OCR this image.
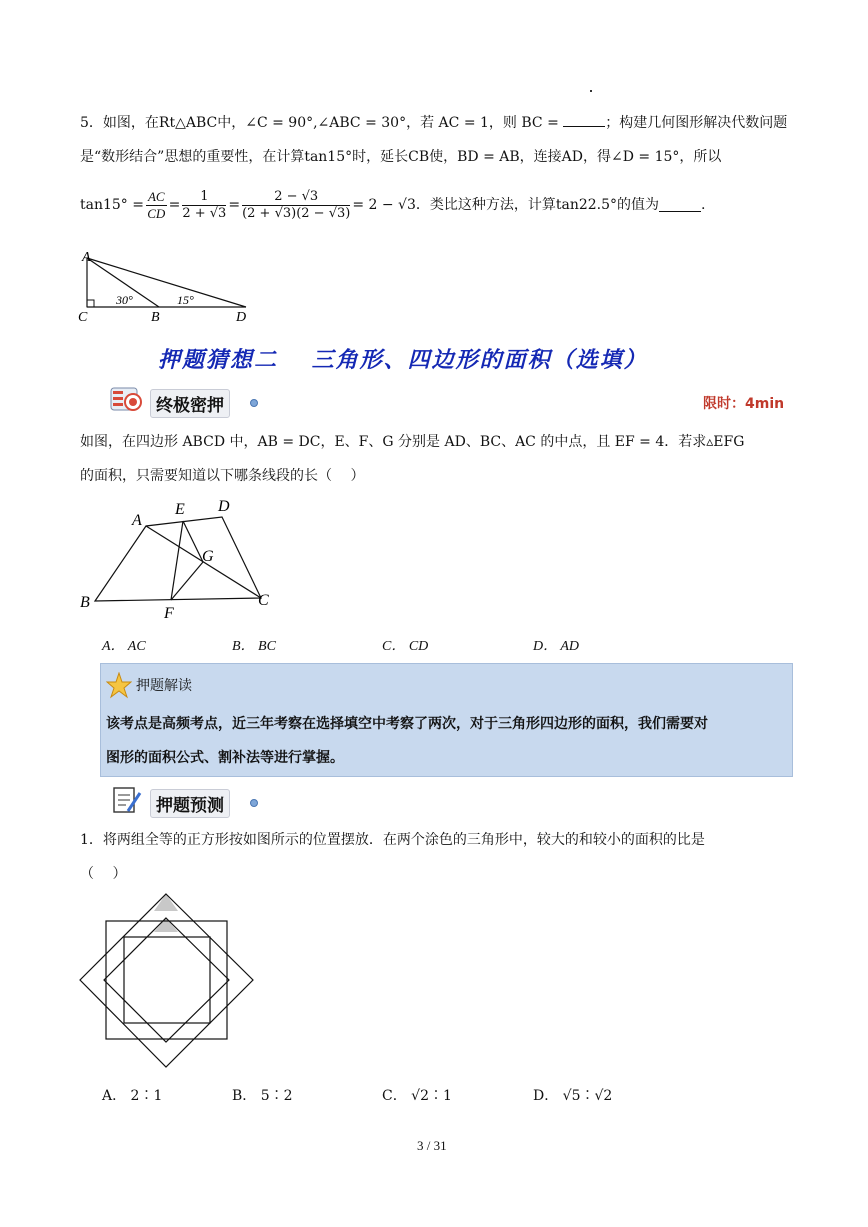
5．如图，在Rt△ABC中，∠C = 90°,∠ABC = 30°，若 AC = 1，则 BC =	；构建几何图形解决代数问题
是“数形结合”思想的重要性，在计算tan15°时，延长CB使，BD = AB，连接AD，得∠D = 15°，所以
$\tan 15^\circ = \frac{AC}{CD} = \frac{1}{2 + √3} = \frac{2 - √3}{(2 + √3)(2 - √3)} = 2 - √3$ ．类比这种方法，计算tan22.5°的值为	.
A
C	B	D
30°	15°
押题猜想二　 三角形、四边形的面积（选填）
终极密押	限时：4min
如图，在四边形 ABCD 中，AB = DC，E、F、G 分别是 AD、BC、AC 的中点，且 EF = 4．若求▵EFG
的面积，只需要知道以下哪条线段的长（　 ）
A
B	C
D
E
F
G
A． AC	B． BC	C． CD	D． AD
押题解读
该考点是高频考点，近三年考察在选择填空中考察了两次，对于三角形四边形的面积，我们需要对
图形的面积公式、割补法等进行掌握。
押题预测
1．将两组全等的正方形按如图所示的位置摆放．在两个涂色的三角形中，较大的和较小的面积的比是
（　 ）
A． 2∶1	B． 5∶2	C． √2∶1	D． √5∶√2
3 / 31
